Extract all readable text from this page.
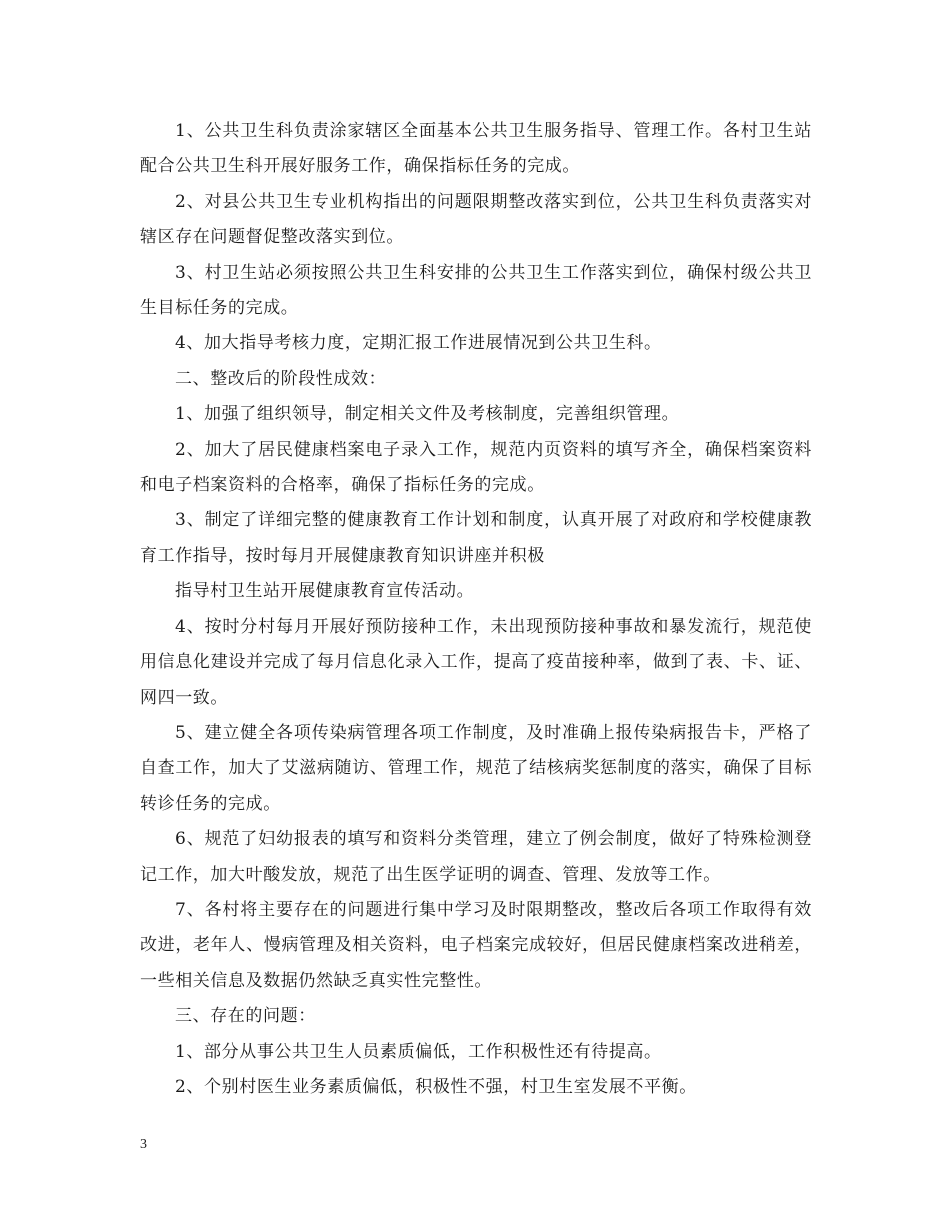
1、公共卫生科负责涂家辖区全面基本公共卫生服务指导、管理工作。各村卫生站配合公共卫生科开展好服务工作，确保指标任务的完成。

2、对县公共卫生专业机构指出的问题限期整改落实到位，公共卫生科负责落实对辖区存在问题督促整改落实到位。

3、村卫生站必须按照公共卫生科安排的公共卫生工作落实到位，确保村级公共卫生目标任务的完成。

4、加大指导考核力度，定期汇报工作进展情况到公共卫生科。

二、整改后的阶段性成效：

1、加强了组织领导，制定相关文件及考核制度，完善组织管理。

2、加大了居民健康档案电子录入工作，规范内页资料的填写齐全，确保档案资料和电子档案资料的合格率，确保了指标任务的完成。

3、制定了详细完整的健康教育工作计划和制度，认真开展了对政府和学校健康教育工作指导，按时每月开展健康教育知识讲座并积极

指导村卫生站开展健康教育宣传活动。

4、按时分村每月开展好预防接种工作，未出现预防接种事故和暴发流行，规范使用信息化建设并完成了每月信息化录入工作，提高了疫苗接种率，做到了表、卡、证、网四一致。

5、建立健全各项传染病管理各项工作制度，及时准确上报传染病报告卡，严格了自查工作，加大了艾滋病随访、管理工作，规范了结核病奖惩制度的落实，确保了目标转诊任务的完成。

6、规范了妇幼报表的填写和资料分类管理，建立了例会制度，做好了特殊检测登记工作，加大叶酸发放，规范了出生医学证明的调查、管理、发放等工作。

7、各村将主要存在的问题进行集中学习及时限期整改，整改后各项工作取得有效改进，老年人、慢病管理及相关资料，电子档案完成较好，但居民健康档案改进稍差，一些相关信息及数据仍然缺乏真实性完整性。

三、存在的问题：

1、部分从事公共卫生人员素质偏低，工作积极性还有待提高。

2、个别村医生业务素质偏低，积极性不强，村卫生室发展不平衡。

3
